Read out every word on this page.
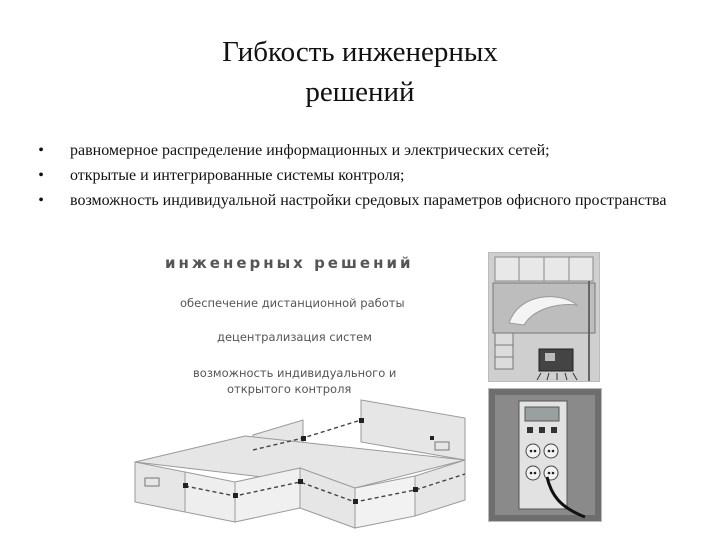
Гибкость инженерных
решений
• равномерное распределение информационных и электрических сетей;
• открытые и интегрированные системы контроля;
• возможность индивидуальной настройки средовых параметров офисного пространства
инженерных решений
обеспечение дистанционной работы
децентрализация систем
возможность индивидуального и
открытого контроля
